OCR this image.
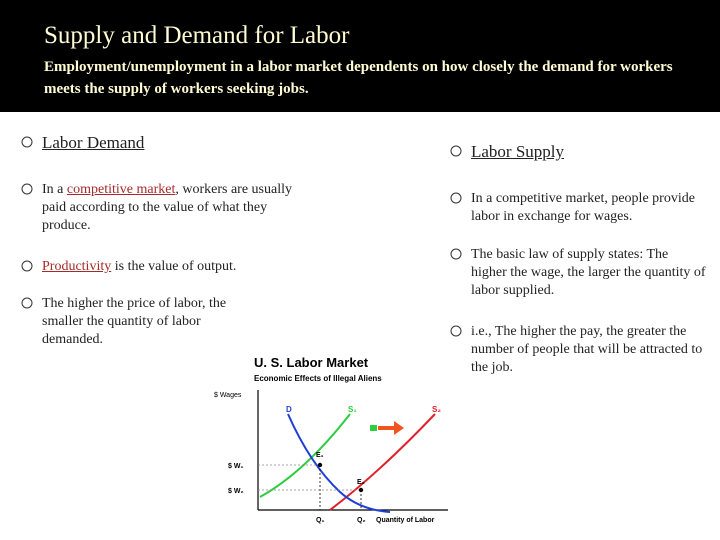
Supply and Demand for Labor
Employment/unemployment in a labor market dependents on how closely the demand for workers meets the supply of workers seeking jobs.
Labor Demand
In a competitive market, workers are usually paid according to the value of what they produce.
Productivity is the value of output.
The higher the price of labor, the smaller the quantity of labor demanded.
Labor Supply
In a competitive market, people provide labor in exchange for wages.
The basic law of supply states: The higher the wage, the larger the quantity of labor supplied.
i.e., The higher the pay, the greater the number of people that will be attracted to the job.
U. S. Labor Market
Economic Effects of Illegal Aliens
$ Wages
D	S₁	S₂
E₁
E₂
$ W₁
$ W₂
Q₁	Q₂ Quantity of Labor
